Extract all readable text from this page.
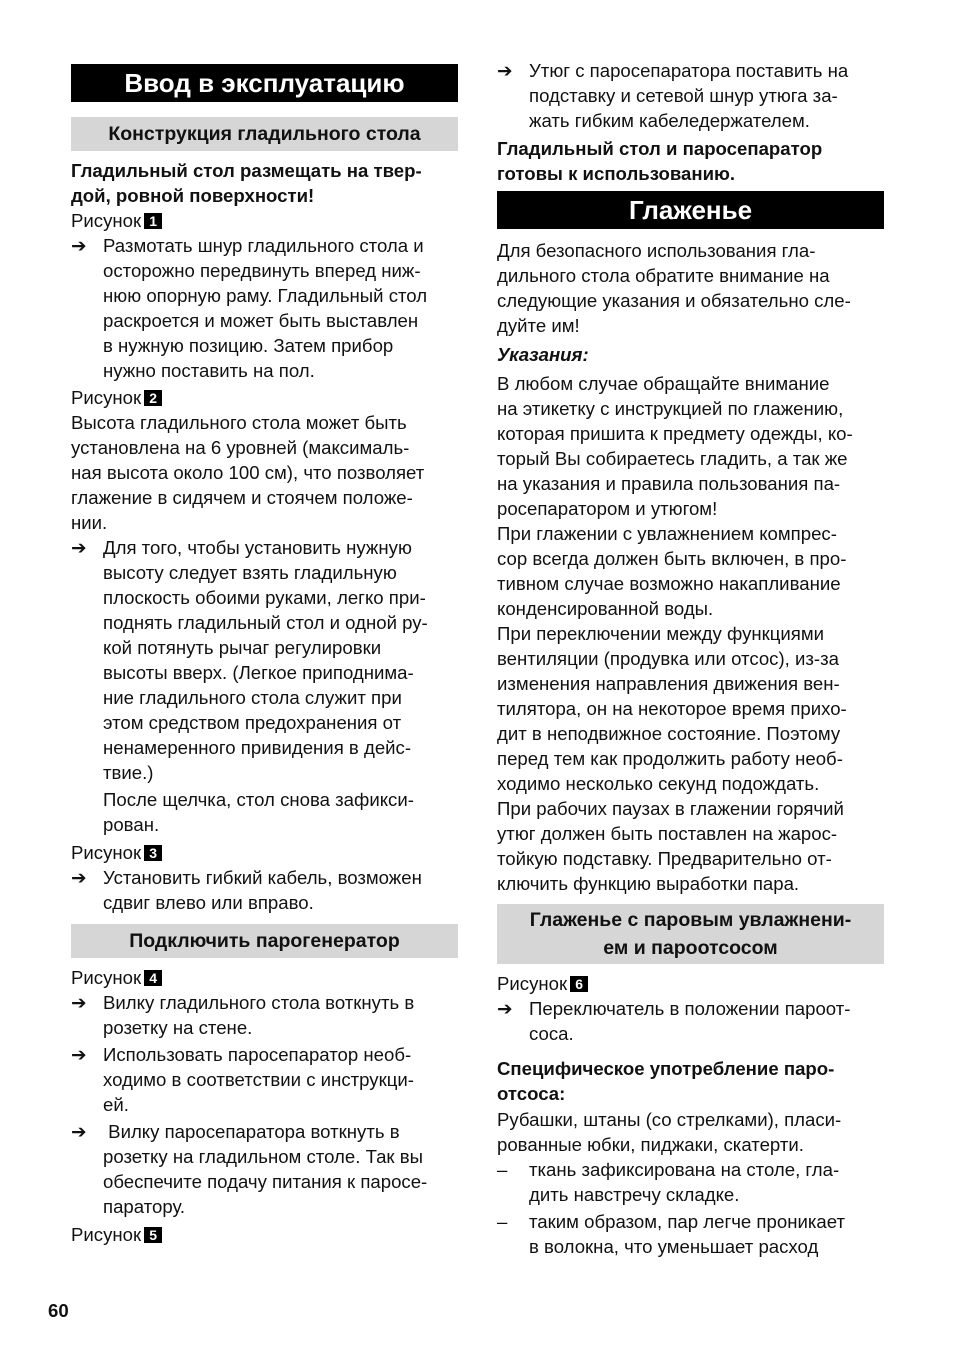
Ввод в эксплуатацию
Конструкция гладильного стола
Гладильный стол размещать на твер-
дой, ровной поверхности!
Рисунок 1
➔ Размотать шнур гладильного стола и
осторожно передвинуть вперед ниж-
нюю опорную раму. Гладильный стол
раскроется и может быть выставлен
в нужную позицию. Затем прибор
нужно поставить на пол.
Рисунок 2
Высота гладильного стола может быть
установлена на 6 уровней (максималь-
ная высота около 100 см), что позволяет
глажение в сидячем и стоячем положе-
нии.
➔ Для того, чтобы установить нужную
высоту следует взять гладильную
плоскость обоими руками, легко при-
поднять гладильный стол и одной ру-
кой потянуть рычаг регулировки
высоты вверх. (Легкое приподнима-
ние гладильного стола служит при
этом средством предохранения от
ненамеренного привидения в дейс-
твие.)
После щелчка, стол снова зафикси-
рован.
Рисунок 3
➔ Установить гибкий кабель, возможен
сдвиг влево или вправо.
Подключить парогенератор
Рисунок 4
➔ Вилку гладильного стола воткнуть в
розетку на стене.
➔ Использовать паросепаратор необ-
ходимо в соответствии с инструкци-
ей.
➔ Вилку паросепаратора воткнуть в
розетку на гладильном столе. Так вы
обеспечите подачу питания к паросе-
паратору.
Рисунок 5
➔ Утюг с паросепаратора поставить на
подставку и сетевой шнур утюга за-
жать гибким кабеледержателем.
Гладильный стол и паросепаратор
готовы к использованию.
Глаженье
Для безопасного использования гла-
дильного стола обратите внимание на
следующие указания и обязательно сле-
дуйте им!
Указания:
В любом случае обращайте внимание
на этикетку с инструкцией по глажению,
которая пришита к предмету одежды, ко-
торый Вы собираетесь гладить, а так же
на указания и правила пользования па-
росепаратором и утюгом!
При глажении с увлажнением компрес-
сор всегда должен быть включен, в про-
тивном случае возможно накапливание
конденсированной воды.
При переключении между функциями
вентиляции (продувка или отсос), из-за
изменения направления движения вен-
тилятора, он на некоторое время прихо-
дит в неподвижное состояние. Поэтому
перед тем как продолжить работу необ-
ходимо несколько секунд подождать.
При рабочих паузах в глажении горячий
утюг должен быть поставлен на жарос-
тойкую подставку. Предварительно от-
ключить функцию выработки пара.
Глаженье с паровым увлажнени-
ем и пароотсосом
Рисунок 6
➔ Переключатель в положении пароот-
соса.
Специфическое употребление паро-
отсоса:
Рубашки, штаны (со стрелками), пласи-
рованные юбки, пиджаки, скатерти.
– ткань зафиксирована на столе, гла-
дить навстречу складке.
– таким образом, пар легче проникает
в волокна, что уменьшает расход
60
